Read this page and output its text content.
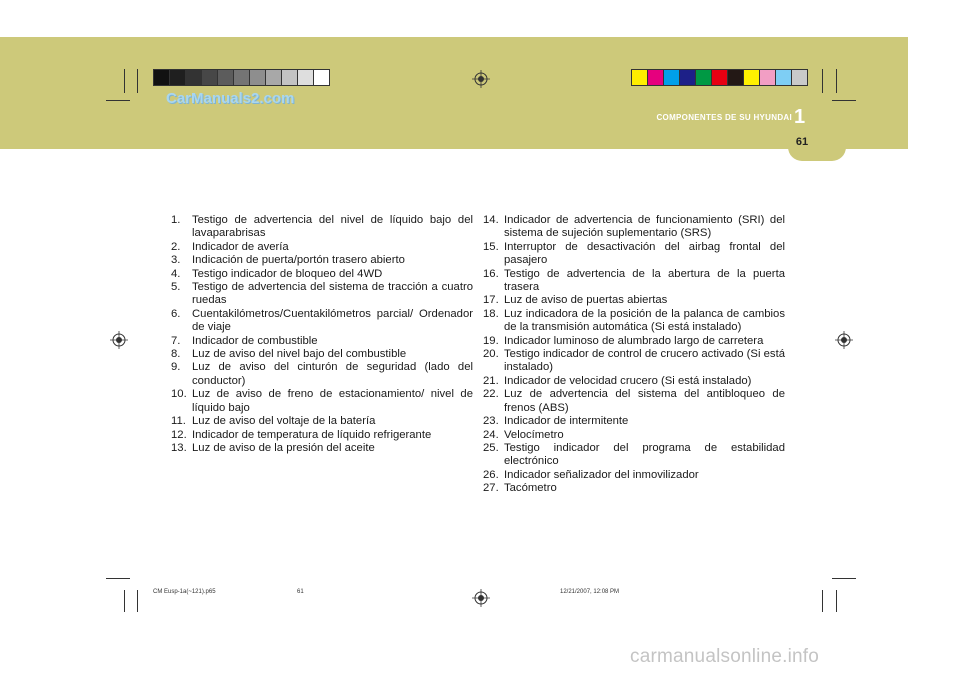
CarManuals2.com
COMPONENTES DE SU HYUNDAI 1
61
1.	Testigo de advertencia del nivel de líquido bajo del lavaparabrisas
2.	Indicador de avería
3.	Indicación de puerta/portón trasero abierto
4.	Testigo indicador de bloqueo del 4WD
5.	Testigo de advertencia del sistema de tracción a cuatro ruedas
6.	Cuentakilómetros/Cuentakilómetros parcial/ Ordenador de viaje
7.	Indicador de combustible
8.	Luz de aviso del nivel bajo del combustible
9.	Luz de aviso del cinturón de seguridad (lado del conductor)
10. Luz de aviso de freno de estacionamiento/ nivel de líquido bajo
11. Luz de aviso del voltaje de la batería
12. Indicador de temperatura de líquido refrigerante
13. Luz de aviso de la presión del aceite
14. Indicador de advertencia de funcionamiento (SRI) del sistema de sujeción suplementario (SRS)
15. Interruptor de desactivación del airbag frontal del pasajero
16. Testigo de advertencia de la abertura de la puerta trasera
17. Luz de aviso de puertas abiertas
18. Luz indicadora de la posición de la palanca de cambios de la transmisión automática (Si está instalado)
19. Indicador luminoso de alumbrado largo de carretera
20. Testigo indicador de control de crucero activado (Si está instalado)
21. Indicador de velocidad crucero (Si está instalado)
22. Luz de advertencia del sistema del antibloqueo de frenos (ABS)
23. Indicador de intermitente
24. Velocímetro
25. Testigo indicador del programa de estabilidad electrónico
26. Indicador señalizador del inmovilizador
27. Tacómetro
CM Eusp-1a(~121).p65	61	12/21/2007, 12:08 PM
carmanualsonline.info
